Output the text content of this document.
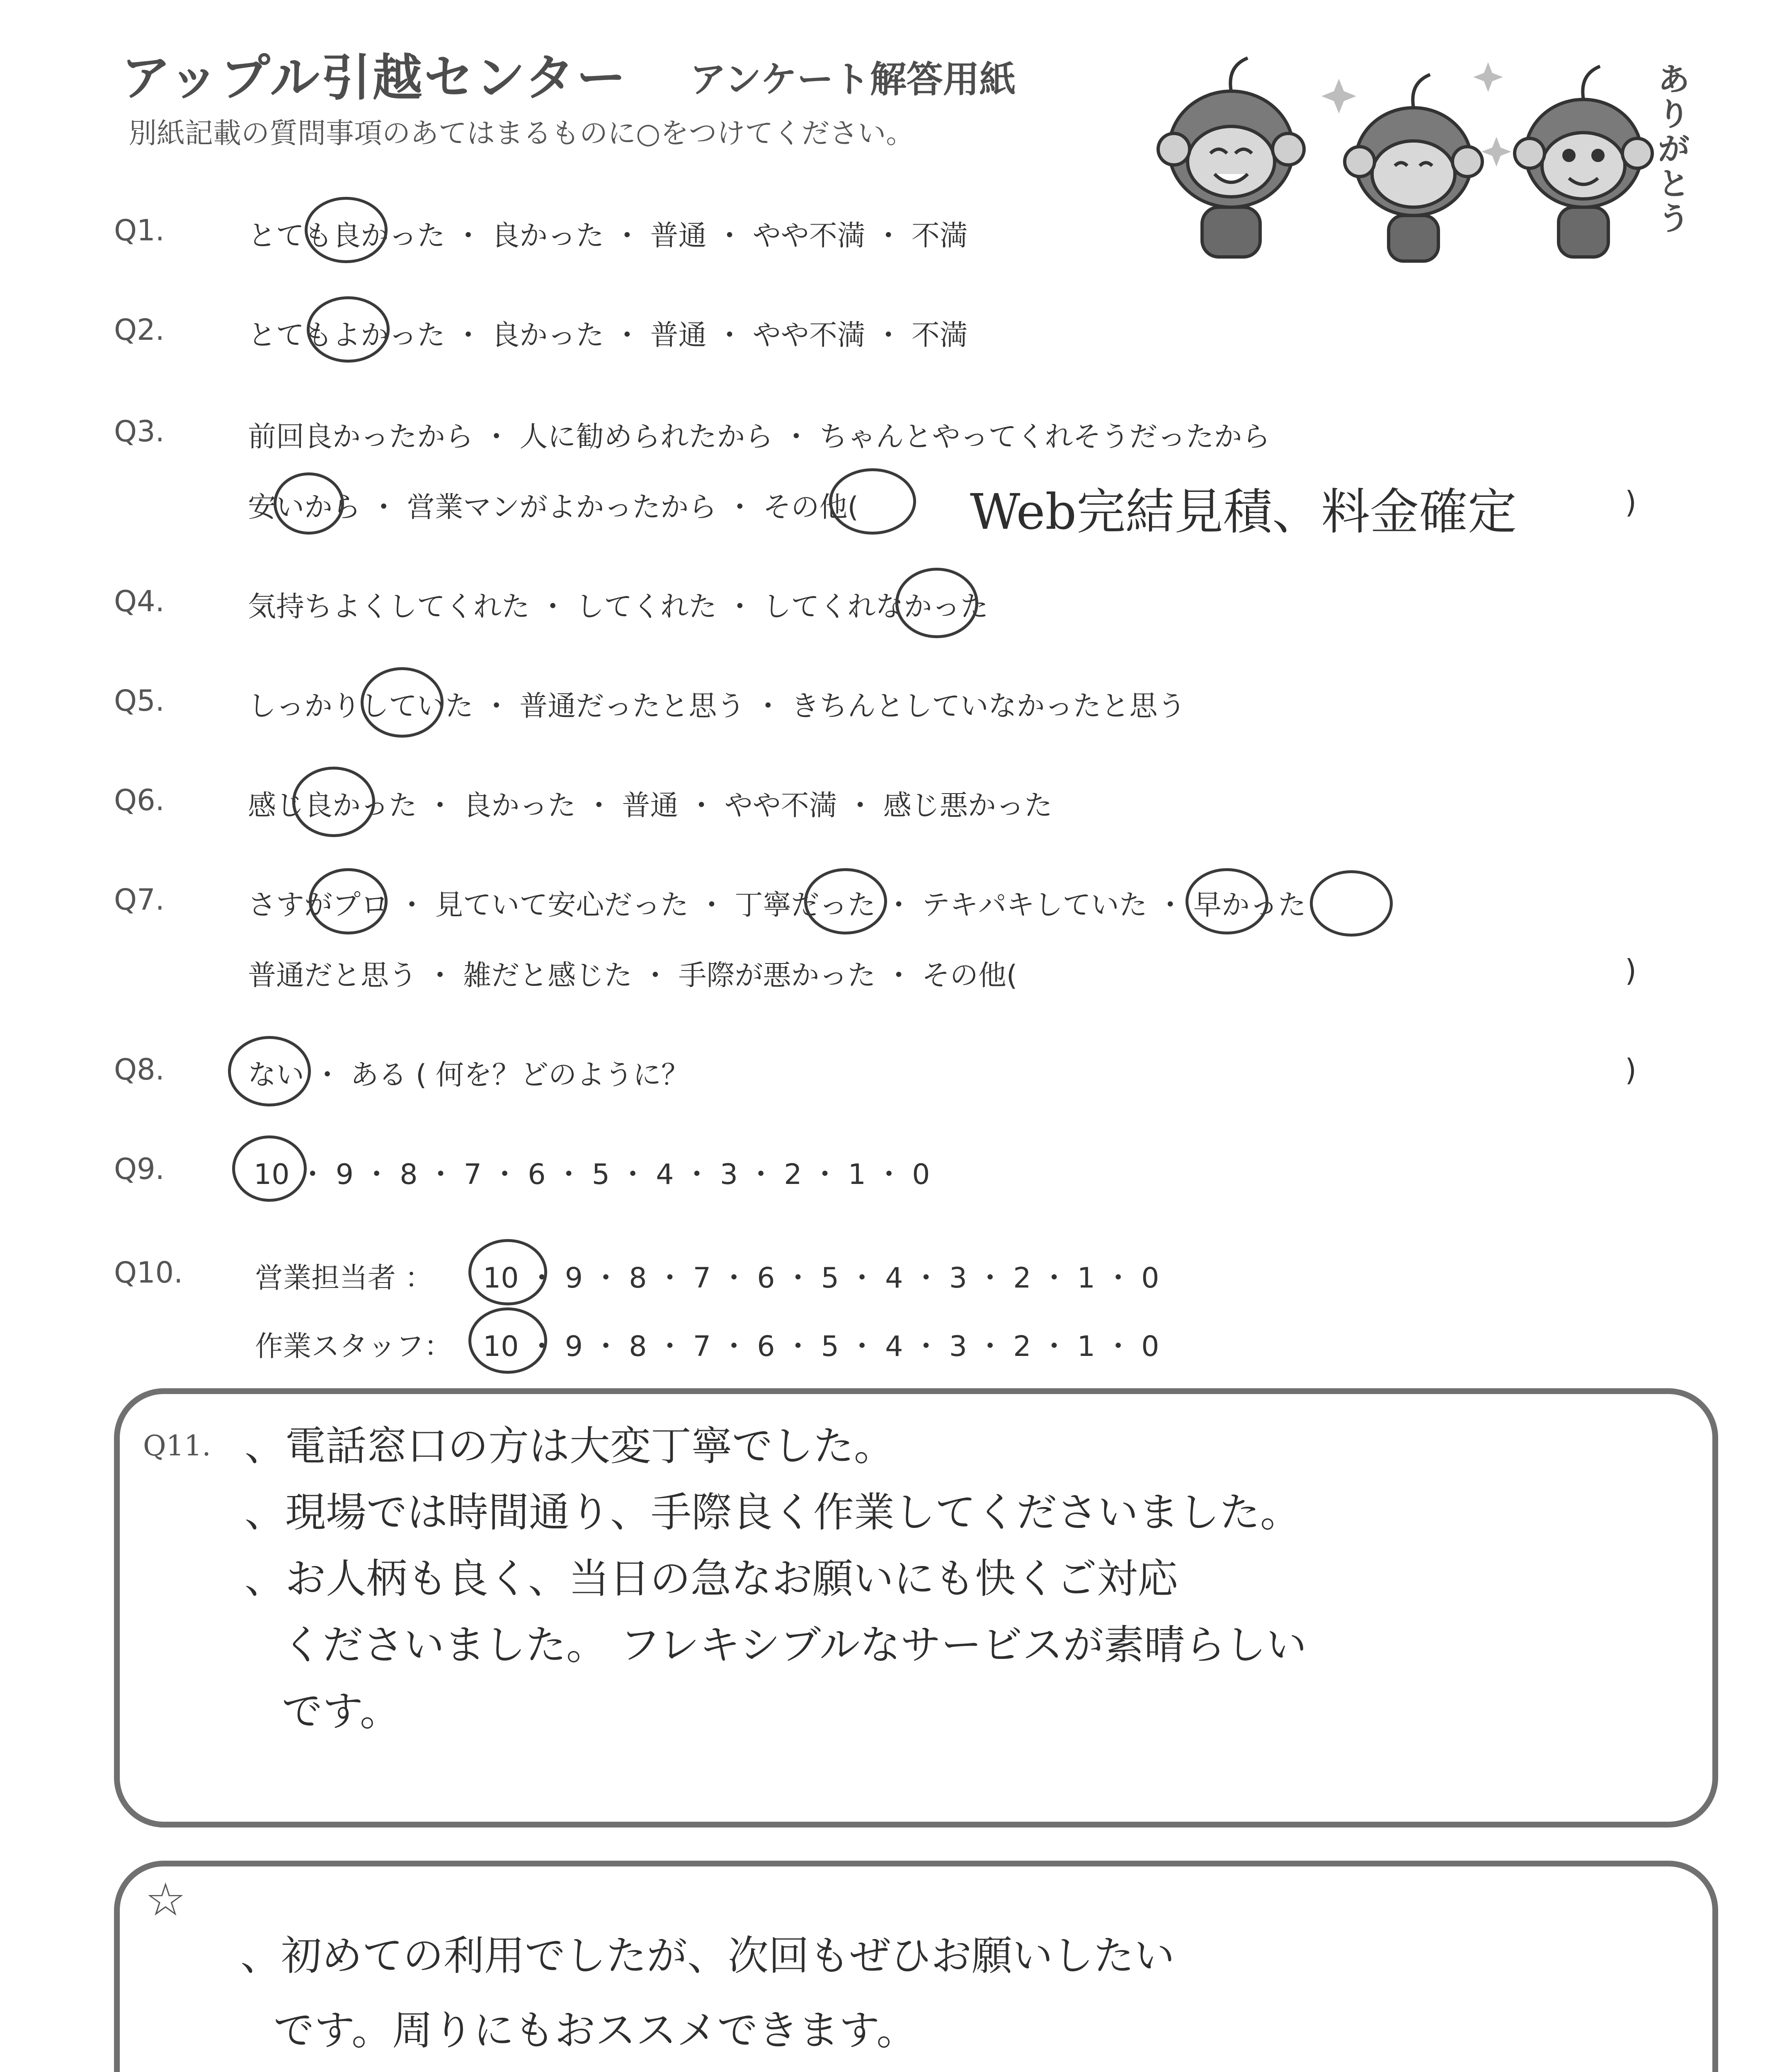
アップル引越センター アンケート解答用紙
別紙記載の質問事項のあてはまるものに○をつけてください。
ありがとう
Q1.	とても良かった ・ 良かった ・ 普通 ・ やや不満 ・ 不満
Q2.	とてもよかった ・ 良かった ・ 普通 ・ やや不満 ・ 不満
Q3.	前回良かったから ・ 人に勧められたから ・ ちゃんとやってくれそうだったから
安いから ・ 営業マンがよかったから ・ その他( Web完結見積、料金確定	)
Q4.	気持ちよくしてくれた ・ してくれた ・ してくれなかった
Q5.	しっかりしていた ・ 普通だったと思う ・ きちんとしていなかったと思う
Q6.	感じ良かった ・ 良かった ・ 普通 ・ やや不満 ・ 感じ悪かった
Q7.	さすがプロ ・ 見ていて安心だった ・ 丁寧だった ・ テキパキしていた ・ 早かった
普通だと思う ・ 雑だと感じた ・ 手際が悪かった ・ その他(	)
Q8.	ない ・ ある ( 何を？どのように？	)
Q9.	10 ・ 9 ・ 8 ・ 7 ・ 6 ・ 5 ・ 4 ・ 3 ・ 2 ・ 1 ・ 0
Q10.	営業担当者 ： 10 ・ 9 ・ 8 ・ 7 ・ 6 ・ 5 ・ 4 ・ 3 ・ 2 ・ 1 ・ 0
作業スタッフ： 10 ・ 9 ・ 8 ・ 7 ・ 6 ・ 5 ・ 4 ・ 3 ・ 2 ・ 1 ・ 0
Q11. 、電話窓口の方は大変丁寧でした。
、現場では時間通り、手際良く作業してくださいました。
、お人柄も良く、当日の急なお願いにも快くご対応
くださいました。 フレキシブルなサービスが素晴らしい
です。
☆
、初めての利用でしたが、次回もぜひお願いしたい
です。周りにもおススメできます。
